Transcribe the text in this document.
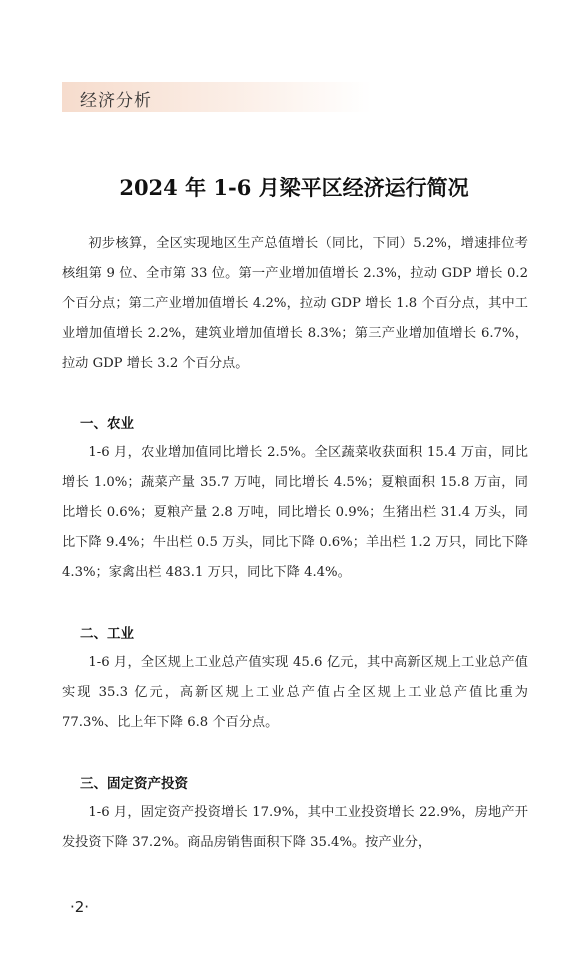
经济分析
2024 年 1-6 月梁平区经济运行简况

初步核算，全区实现地区生产总值增长（同比，下同）5.2%，增速排位考核组第 9 位、全市第 33 位。第一产业增加值增长 2.3%，拉动 GDP 增长 0.2 个百分点；第二产业增加值增长 4.2%，拉动 GDP 增长 1.8 个百分点，其中工业增加值增长 2.2%，建筑业增加值增长 8.3%；第三产业增加值增长 6.7%，拉动 GDP 增长 3.2 个百分点。

一、农业

1-6 月，农业增加值同比增长 2.5%。全区蔬菜收获面积 15.4 万亩，同比增长 1.0%；蔬菜产量 35.7 万吨，同比增长 4.5%；夏粮面积 15.8 万亩，同比增长 0.6%；夏粮产量 2.8 万吨，同比增长 0.9%；生猪出栏 31.4 万头，同比下降 9.4%；牛出栏 0.5 万头，同比下降 0.6%；羊出栏 1.2 万只，同比下降 4.3%；家禽出栏 483.1 万只，同比下降 4.4%。

二、工业

1-6 月，全区规上工业总产值实现 45.6 亿元，其中高新区规上工业总产值实现 35.3 亿元，高新区规上工业总产值占全区规上工业总产值比重为 77.3%、比上年下降 6.8 个百分点。

三、固定资产投资

1-6 月，固定资产投资增长 17.9%，其中工业投资增长 22.9%，房地产开发投资下降 37.2%。商品房销售面积下降 35.4%。按产业分，

·2·
